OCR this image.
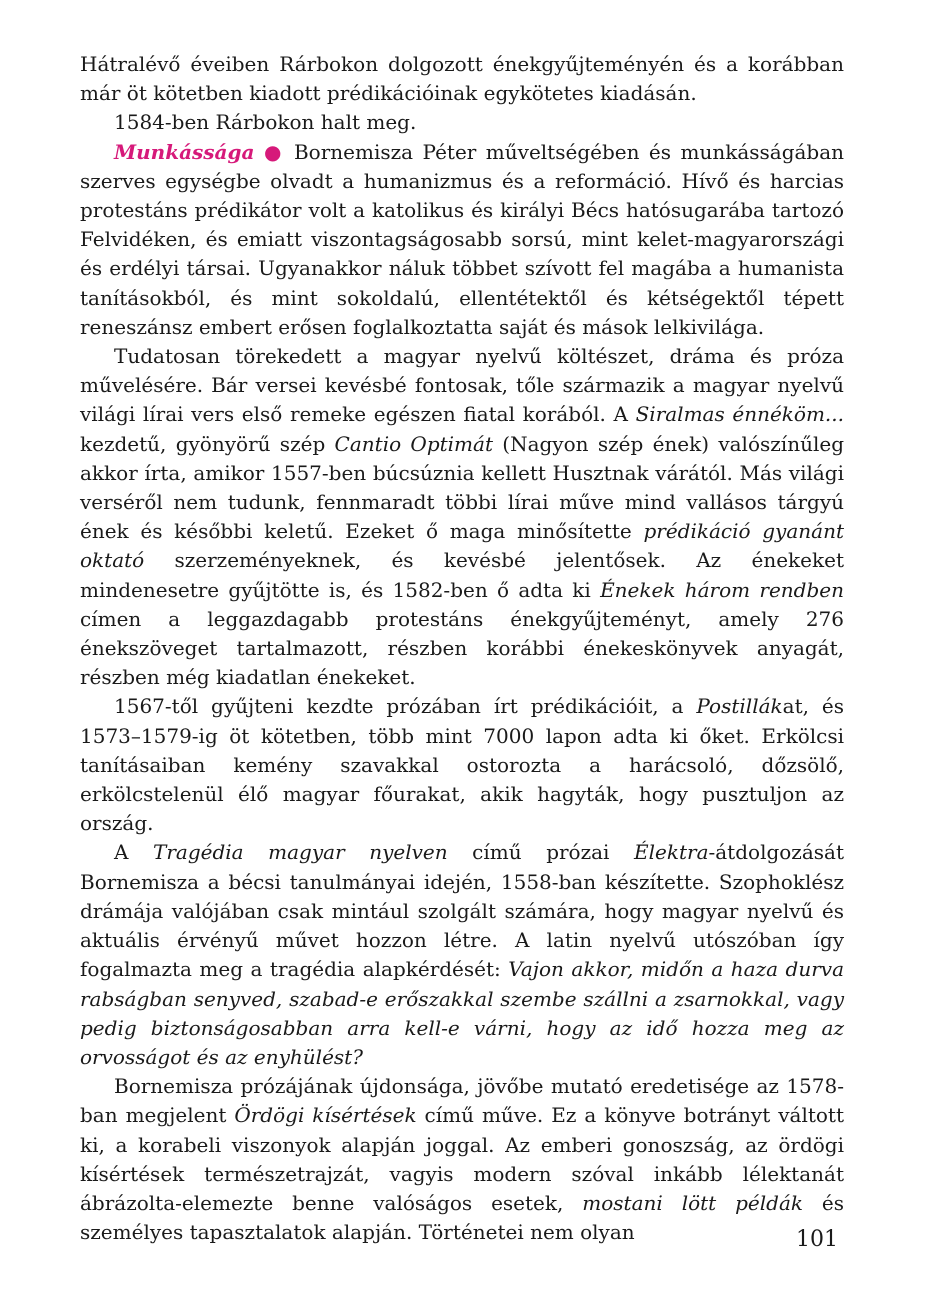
Hátralévő éveiben Rárbokon dolgozott énekgyűjteményén és a korábban már öt kötetben kiadott prédikációinak egykötetes kiadásán.

1584-ben Rárbokon halt meg.

Munkássága ● Bornemisza Péter műveltségében és munkásságában szerves egységbe olvadt a humanizmus és a reformáció. Hívő és harcias protestáns prédikátor volt a katolikus és királyi Bécs hatósugarába tartozó Felvidéken, és emiatt viszontagságosabb sorsú, mint kelet-magyarországi és erdélyi társai. Ugyanakkor náluk többet szívott fel magába a humanista tanításokból, és mint sokoldalú, ellentétektől és kétségektől tépett reneszánsz embert erősen foglalkoztatta saját és mások lelkivilága.

Tudatosan törekedett a magyar nyelvű költészet, dráma és próza művelésére. Bár versei kevésbé fontosak, tőle származik a magyar nyelvű világi lírai vers első remeke egészen fiatal korából. A Siralmas énnéköm... kezdetű, gyönyörű szép Cantio Optimát (Nagyon szép ének) valószínűleg akkor írta, amikor 1557-ben búcsúznia kellett Husztnak várától. Más világi verséről nem tudunk, fennmaradt többi lírai műve mind vallásos tárgyú ének és későbbi keletű. Ezeket ő maga minősítette prédikáció gyanánt oktató szerzeményeknek, és kevésbé jelentősek. Az énekeket mindenesetre gyűjtötte is, és 1582-ben ő adta ki Énekek három rendben címen a leggazdagabb protestáns énekgyűjteményt, amely 276 énekszöveget tartalmazott, részben korábbi énekeskönyvek anyagát, részben még kiadatlan énekeket.

1567-től gyűjteni kezdte prózában írt prédikációit, a Postillákat, és 1573–1579-ig öt kötetben, több mint 7000 lapon adta ki őket. Erkölcsi tanításaiban kemény szavakkal ostorozta a harácsoló, dőzsölő, erkölcstelenül élő magyar főurakat, akik hagyták, hogy pusztuljon az ország.

A Tragédia magyar nyelven című prózai Élektra-átdolgozását Bornemisza a bécsi tanulmányai idején, 1558-ban készítette. Szophoklész drámája valójában csak mintául szolgált számára, hogy magyar nyelvű és aktuális érvényű művet hozzon létre. A latin nyelvű utószóban így fogalmazta meg a tragédia alapkérdését: Vajon akkor, midőn a haza durva rabságban senyved, szabad-e erőszakkal szembe szállni a zsarnokkal, vagy pedig biztonságosabban arra kell-e várni, hogy az idő hozza meg az orvosságot és az enyhülést?

Bornemisza prózájának újdonsága, jövőbe mutató eredetisége az 1578-ban megjelent Ördögi kísértések című műve. Ez a könyve botrányt váltott ki, a korabeli viszonyok alapján joggal. Az emberi gonoszság, az ördögi kísértések természetrajzát, vagyis modern szóval inkább lélektanát ábrázolta-elemezte benne valóságos esetek, mostani lött példák és személyes tapasztalatok alapján. Történetei nem olyan	101
